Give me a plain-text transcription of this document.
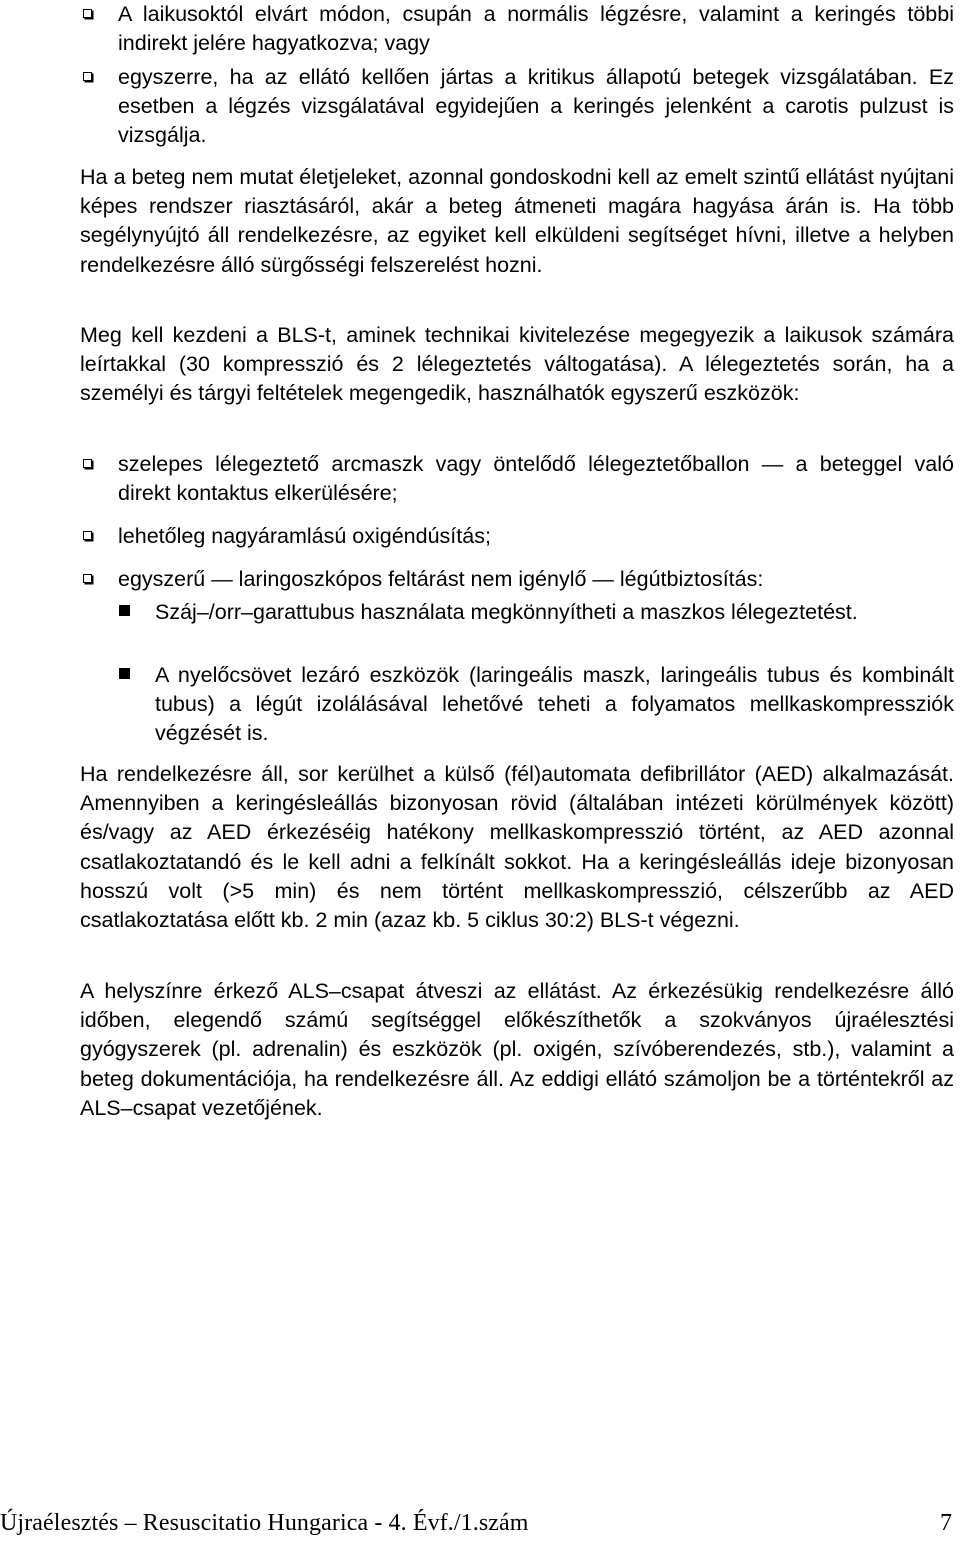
A laikusoktól elvárt módon, csupán a normális légzésre, valamint a keringés többi indirekt jelére hagyatkozva; vagy
egyszerre, ha az ellátó kellően jártas a kritikus állapotú betegek vizsgálatában. Ez esetben a légzés vizsgálatával egyidejűen a keringés jelenként a carotis pulzust is vizsgálja.
Ha a beteg nem mutat életjeleket, azonnal gondoskodni kell az emelt szintű ellátást nyújtani képes rendszer riasztásáról, akár a beteg átmeneti magára hagyása árán is. Ha több segélynyújtó áll rendelkezésre, az egyiket kell elküldeni segítséget hívni, illetve a helyben rendelkezésre álló sürgősségi felszerelést hozni.
Meg kell kezdeni a BLS-t, aminek technikai kivitelezése megegyezik a laikusok számára leírtakkal (30 kompresszió és 2 lélegeztetés váltogatása). A lélegeztetés során, ha a személyi és tárgyi feltételek megengedik, használhatók egyszerű eszközök:
szelepes lélegeztető arcmaszk vagy öntelődő lélegeztetőballon — a beteggel való direkt kontaktus elkerülésére;
lehetőleg nagyáramlású oxigéndúsítás;
egyszerű — laringoszkópos feltárást nem igénylő — légútbiztosítás:
Száj–/orr–garattubus használata megkönnyítheti a maszkos lélegeztetést.
A nyelőcsövet lezáró eszközök (laringeális maszk, laringeális tubus és kombinált tubus) a légút izolálásával lehetővé teheti a folyamatos mellkaskompressziók végzését is.
Ha rendelkezésre áll, sor kerülhet a külső (fél)automata defibrillátor (AED) alkalmazását. Amennyiben a keringésleállás bizonyosan rövid (általában intézeti körülmények között) és/vagy az AED érkezéséig hatékony mellkaskompresszió történt, az AED azonnal csatlakoztatandó és le kell adni a felkínált sokkot. Ha a keringésleállás ideje bizonyosan hosszú volt (>5 min) és nem történt mellkaskompresszió, célszerűbb az AED csatlakoztatása előtt kb. 2 min (azaz kb. 5 ciklus 30:2) BLS-t végezni.
A helyszínre érkező ALS–csapat átveszi az ellátást. Az érkezésükig rendelkezésre álló időben, elegendő számú segítséggel előkészíthetők a szokványos újraélesztési gyógyszerek (pl. adrenalin) és eszközök (pl. oxigén, szívóberendezés, stb.), valamint a beteg dokumentációja, ha rendelkezésre áll. Az eddigi ellátó számoljon be a történtekről az ALS–csapat vezetőjének.
Újraélesztés – Resuscitatio Hungarica - 4. Évf./1.szám	7
